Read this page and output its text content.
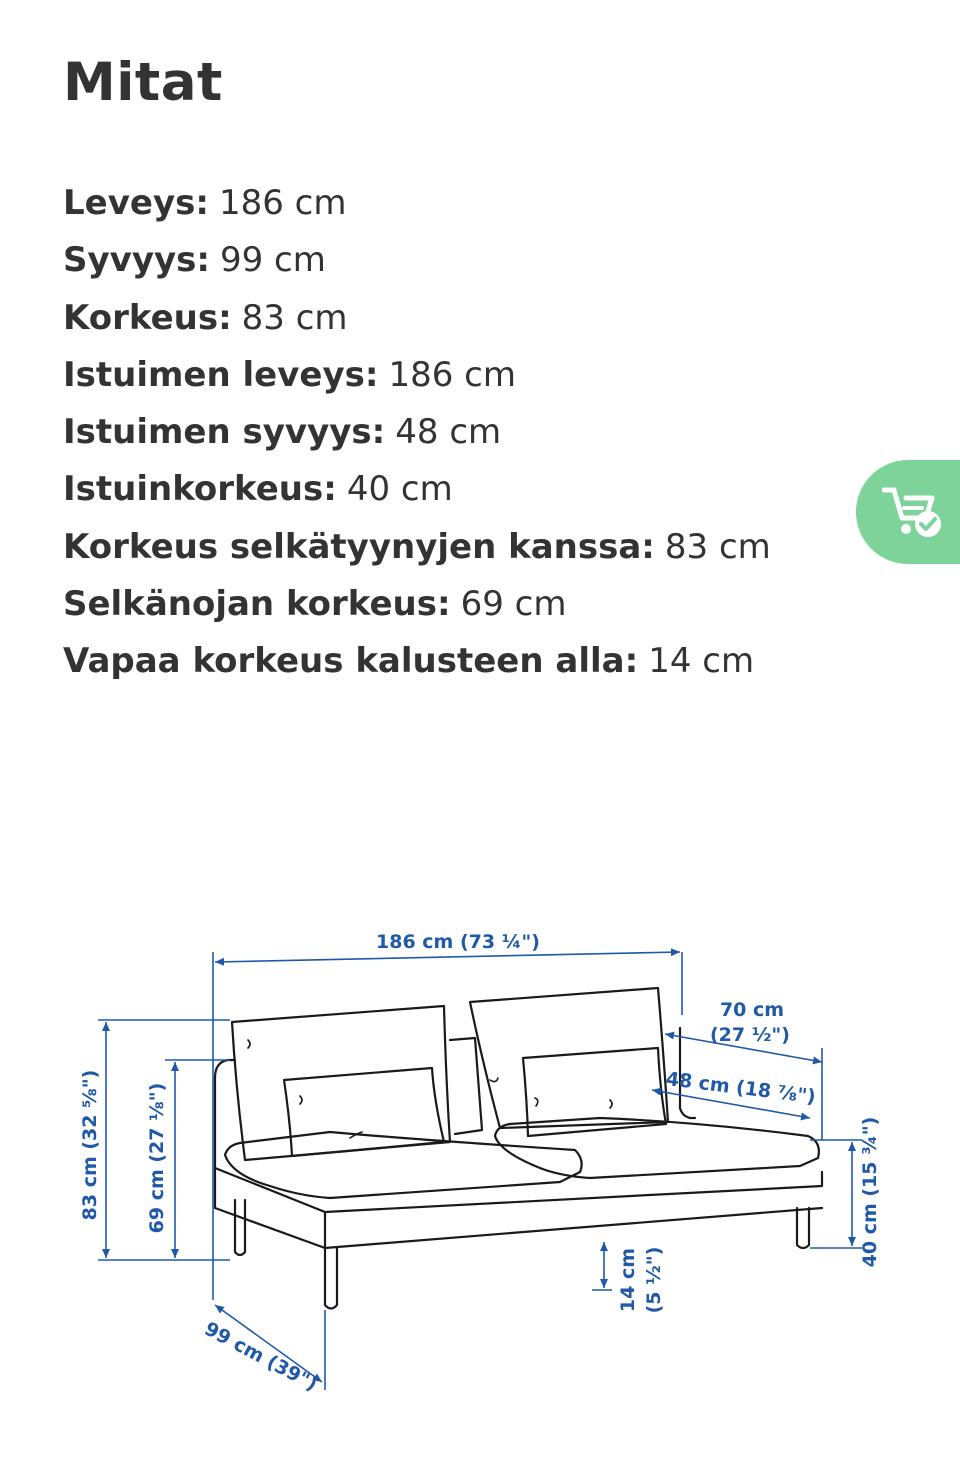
Mitat
Leveys: 186 cm
Syvyys: 99 cm
Korkeus: 83 cm
Istuimen leveys: 186 cm
Istuimen syvyys: 48 cm
Istuinkorkeus: 40 cm
Korkeus selkätyynyjen kanssa: 83 cm
Selkänojan korkeus: 69 cm
Vapaa korkeus kalusteen alla: 14 cm
186 cm (73 ¼")
83 cm (32 ⅝") 69 cm (27 ⅛")
99 cm (39")
70 cm
(27 ½")
48 cm (18 ⅞")
40 cm (15 ¾")
14 cm (5 ½")
